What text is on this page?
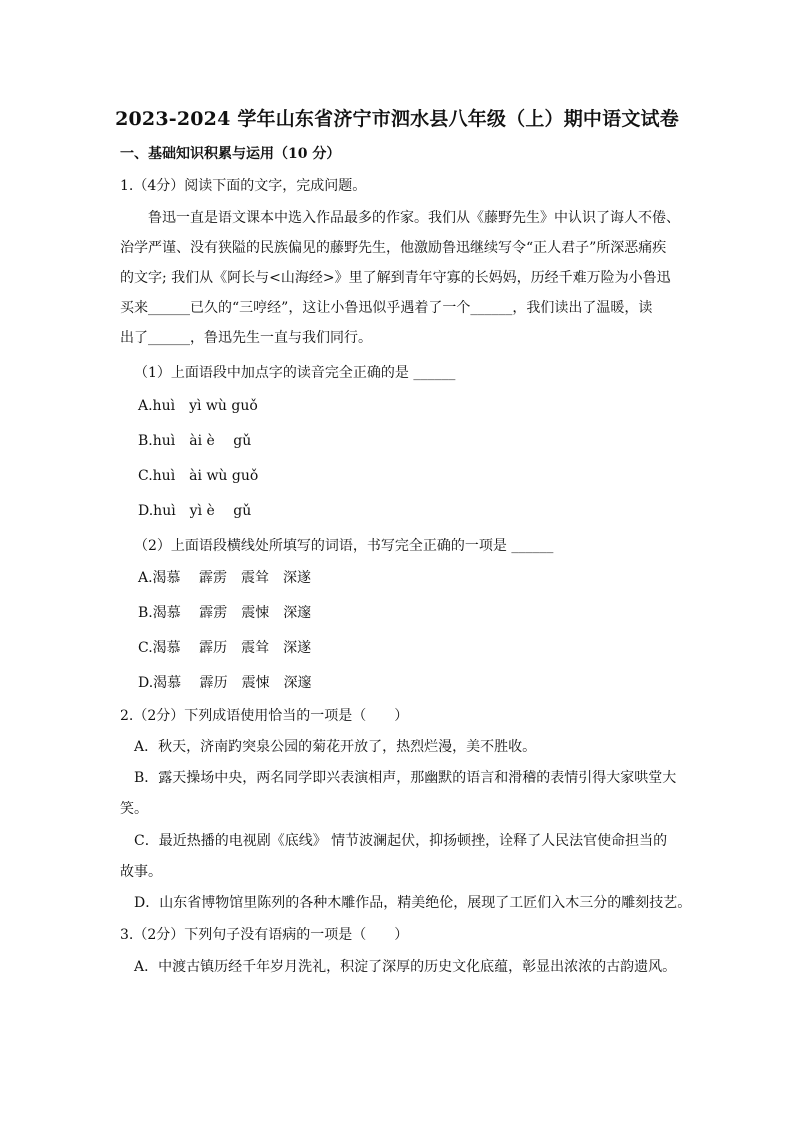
2023-2024 学年山东省济宁市泗水县八年级（上）期中语文试卷
一、基础知识积累与运用（10 分）
1.（4分）阅读下面的文字，完成问题。
鲁迅一直是语文课本中选入作品最多的作家。我们从《藤野先生》中认识了诲人不倦、
治学严谨、没有狭隘的民族偏见的藤野先生，他激励鲁迅继续写令“正人君子”所深恶痛疾
的文字; 我们从《阿长与<山海经>》里了解到青年守寡的长妈妈，历经千难万险为小鲁迅
买来______已久的“三哼经”，这让小鲁迅似乎遇着了一个______，我们读出了温暖，读
出了______，鲁迅先生一直与我们同行。
（1）上面语段中加点字的读音完全正确的是 ______
A.huì　yì wù guǒ
B.huì　ài è　 gǔ
C.huì　ài wù guǒ
D.huì　yì è　 gǔ
（2）上面语段横线处所填写的词语，书写完全正确的一项是 ______
A.渴慕　 霹雳　震耸　深遂
B.渴慕　 霹雳　震悚　深邃
C.渴慕　 霹历　震耸　深遂
D.渴慕　 霹历　震悚　深邃
2.（2分）下列成语使用恰当的一项是（　　）
A．秋天，济南趵突泉公园的菊花开放了，热烈烂漫，美不胜收。
B．露天操场中央，两名同学即兴表演相声，那幽默的语言和滑稽的表情引得大家哄堂大
笑。
C．最近热播的电视剧《底线》 情节波澜起伏，抑扬顿挫，诠释了人民法官使命担当的
故事。
D．山东省博物馆里陈列的各种木雕作品，精美绝伦，展现了工匠们入木三分的雕刻技艺。
3.（2分）下列句子没有语病的一项是（　　）
A．中渡古镇历经千年岁月洗礼，积淀了深厚的历史文化底蕴，彰显出浓浓的古韵遗风。
